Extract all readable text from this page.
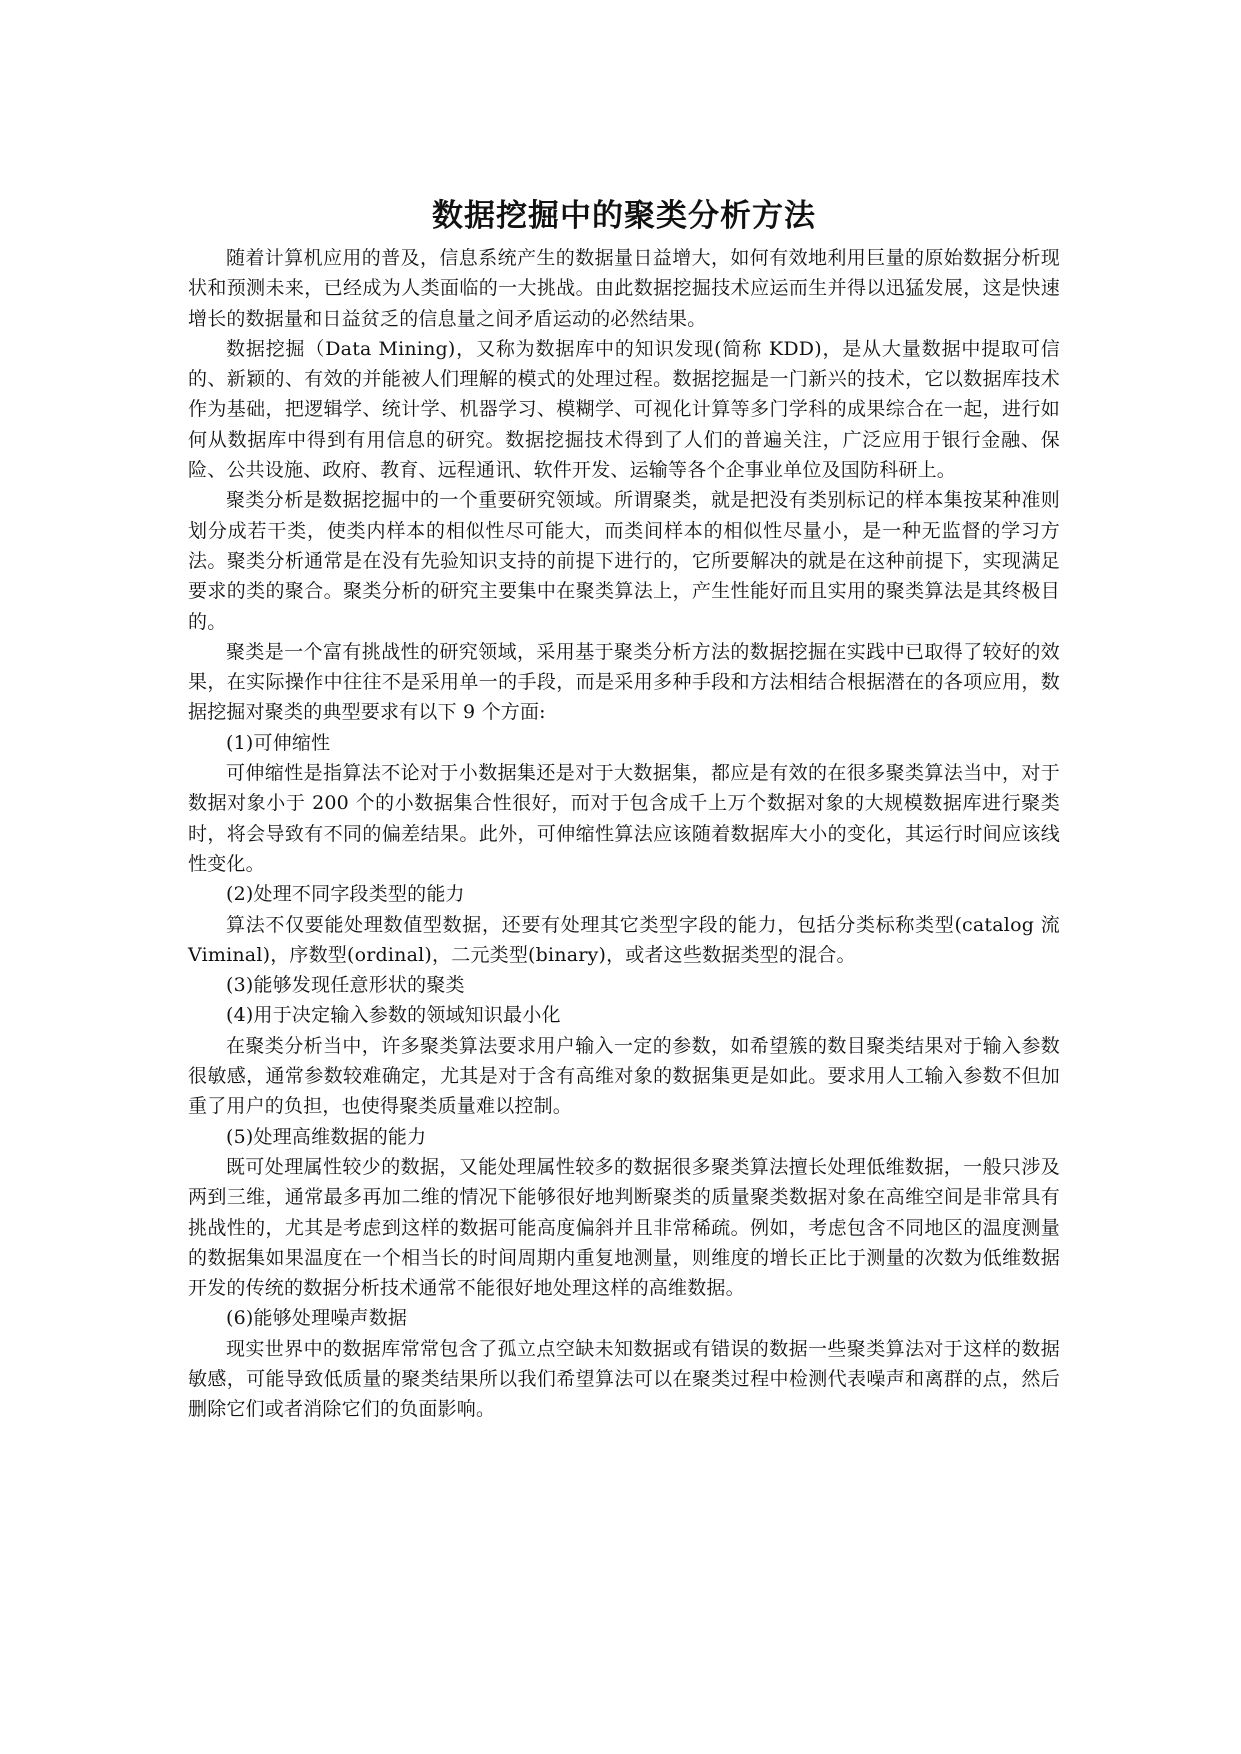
数据挖掘中的聚类分析方法

随着计算机应用的普及，信息系统产生的数据量日益增大，如何有效地利用巨量的原始数据分析现状和预测未来，已经成为人类面临的一大挑战。由此数据挖掘技术应运而生并得以迅猛发展，这是快速增长的数据量和日益贫乏的信息量之间矛盾运动的必然结果。

数据挖掘（Data Mining)，又称为数据库中的知识发现(简称 KDD)，是从大量数据中提取可信的、新颖的、有效的并能被人们理解的模式的处理过程。数据挖掘是一门新兴的技术，它以数据库技术作为基础，把逻辑学、统计学、机器学习、模糊学、可视化计算等多门学科的成果综合在一起，进行如何从数据库中得到有用信息的研究。数据挖掘技术得到了人们的普遍关注，广泛应用于银行金融、保险、公共设施、政府、教育、远程通讯、软件开发、运输等各个企事业单位及国防科研上。

聚类分析是数据挖掘中的一个重要研究领域。所谓聚类，就是把没有类别标记的样本集按某种准则划分成若干类，使类内样本的相似性尽可能大，而类间样本的相似性尽量小，是一种无监督的学习方法。聚类分析通常是在没有先验知识支持的前提下进行的，它所要解决的就是在这种前提下，实现满足要求的类的聚合。聚类分析的研究主要集中在聚类算法上，产生性能好而且实用的聚类算法是其终极目的。

聚类是一个富有挑战性的研究领域，采用基于聚类分析方法的数据挖掘在实践中已取得了较好的效果，在实际操作中往往不是采用单一的手段，而是采用多种手段和方法相结合根据潜在的各项应用，数据挖掘对聚类的典型要求有以下 9 个方面:

(1)可伸缩性

可伸缩性是指算法不论对于小数据集还是对于大数据集，都应是有效的在很多聚类算法当中，对于数据对象小于 200 个的小数据集合性很好，而对于包含成千上万个数据对象的大规模数据库进行聚类时，将会导致有不同的偏差结果。此外，可伸缩性算法应该随着数据库大小的变化，其运行时间应该线性变化。

(2)处理不同字段类型的能力

算法不仅要能处理数值型数据，还要有处理其它类型字段的能力，包括分类标称类型(catalog 流 Viminal)，序数型(ordinal)，二元类型(binary)，或者这些数据类型的混合。

(3)能够发现任意形状的聚类

(4)用于决定输入参数的领域知识最小化

在聚类分析当中，许多聚类算法要求用户输入一定的参数，如希望簇的数目聚类结果对于输入参数很敏感，通常参数较难确定，尤其是对于含有高维对象的数据集更是如此。要求用人工输入参数不但加重了用户的负担，也使得聚类质量难以控制。

(5)处理高维数据的能力

既可处理属性较少的数据，又能处理属性较多的数据很多聚类算法擅长处理低维数据，一般只涉及两到三维，通常最多再加二维的情况下能够很好地判断聚类的质量聚类数据对象在高维空间是非常具有挑战性的，尤其是考虑到这样的数据可能高度偏斜并且非常稀疏。例如，考虑包含不同地区的温度测量的数据集如果温度在一个相当长的时间周期内重复地测量，则维度的增长正比于测量的次数为低维数据开发的传统的数据分析技术通常不能很好地处理这样的高维数据。

(6)能够处理噪声数据

现实世界中的数据库常常包含了孤立点空缺未知数据或有错误的数据一些聚类算法对于这样的数据敏感，可能导致低质量的聚类结果所以我们希望算法可以在聚类过程中检测代表噪声和离群的点，然后删除它们或者消除它们的负面影响。
